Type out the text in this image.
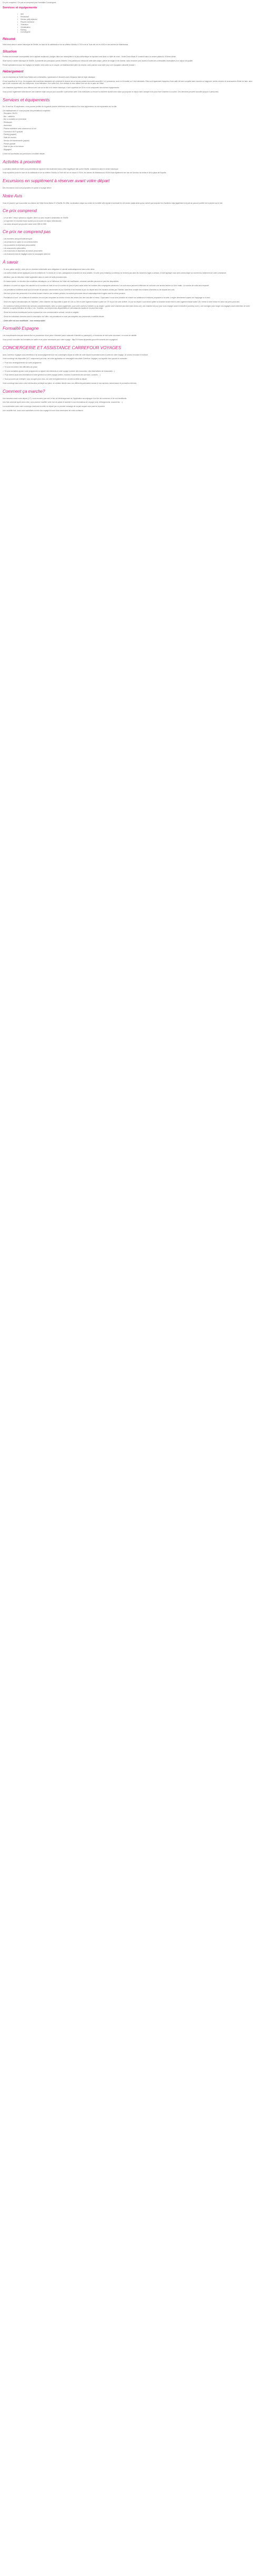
Ce prix comprend / Ce prix ne comprend pas Formalités Conciergerie

Services et équipements
• Wifi
• Restaurant
• Service petit-déjeuner
• Piscine extérieure
• Télévision
• Climatisation
• Parking
• Conciergerie
Résumé

Hôtel situé dans le centre historique de Séville, en face de la cathédrale et de sa célèbre Giralda, à 700 m de la Torre del oro et à 900 m des arènes de Maestranza.

Situation

Profitez de la beauté incomparable de la capitale andalouse, plongez dans son atmosphère à la plus authentique et reposez-vous dans un hôtel de choix : l'hôtel Dona Maria 4* construit dans un ancien palais du XIVème siècle.

Situé dans le centre historique de Séville, à proximité des principaux points d'intérêt, il est parfait pour découvrir cette ville unique, pleine de magie et de charme, sans renoncer pour autant à toutes les commodités nécessaires à un séjour de qualité.

Pensé spécialement pour les voyages en famille, entre amis ou en couple, cet établissement plein de charme, avec piscine vous invite pour une escapade culturelle réussie !

Hébergement

Les 64 chambres de l'hôtel Dona Maria sont confortables, spacieuses et décorées avec élégance dans le style classique

D'une superficie de 24 m², les espaces des chambres standards ont conservé le charme de cet ancien palais et peuvent accueillir 1 à 2 personnes, avec un lit double ou 2 lits individuels. Elles sont également équipées d'une salle de bain complète avec douche ou baignoire, sèche-cheveux et accessoires d'hôtel de bain, ainsi que d'une connexion wifi, d'un téléphone, d'une télévision, d'un coffre-fort, d'un minibar et vous offrent une vue sur le patio de l'hôtel.

Les chambres supérieures vous offriront une vue sur la ville et le centre historique, d'une superficie de 30 m² et se composent des mêmes équipements.

Vous pouvez également sélectionner une chambre triple conçue pour accueillir 3 personnes avec 3 lits individuels ou encore la chambre double avec salon qui propose un séjour avec canapé lit en plus d'une chambre à coucher. Ces dernières peuvent accueillir jusqu'à 4 personnes.

Services et équipements

Du 15 avril au 30 septembre, vous pourrez profiter de la grande piscine extérieure avec solarium d'où vous apprécierez la vue imprenable sur la ville.

Cet établissement 4* vous propose des prestations complètes :

- Réception 24h/24
- Bar - cafétéria
- Bar à cocktails sur la terrasse
- Restaurant
- Ascenseur
- Piscine extérieure avec solarium sur le toit
- Connexion Wi-Fi gratuite
- Parking (payant)
- Salle de réunion
- Service de blanchisserie (payant)
- Presse gratuite
- Salle de jeux et de lecture
- Bagagerie

L'hôtel est accessible aux personnes à mobilité réduite.

Activités à proximité

La situation idéale de l'hôtel vous permettra de rayonner très facilement dans cette magnifique ville qu'est Séville, notamment dans le centre historique.

Vous rejoindrez juste en face de la cathédrale et de sa célèbre Giralda, la Torre del oro se trouve à 700m, les arènes de Maestranza à 900m mais également non loin de l'Archivo de Indias et de la plaza de España.

Excursions en supplément à réserver avant votre départ

Des excursions vous sont proposées en option à la page devis !

Notre Avis

Vous ne pourrez que succomber au charme de l'hôtel Dona Maria 4* à Séville. En effet, sa situation unique au centre de la vieille ville rajoute à la beauté de cet ancien palais ainsi qu'au confort que propose les chambres mais également à la joie de pouvoir profiter de la piscine sur le toit.

Ce prix comprend
- Le vol aller / retour spécial ou régulier, direct ou avec escale à destination de Séville.
- Le logement en chambre base double pour la durée de séjour sélectionnée
- Les taxes aéroport qui peuvent varier entre 30€ et 200€
Ce prix ne comprend pas
- Les transferts aéroport/hôtel/aéroport
- Les pensions en option si non sélectionnées
- Les pourboires et dépenses personnelles
- Les assurances optionnelles
- Les excursions et dépenses de nature personnelle
- Les éventuels frais de bagages selon la compagnie aérienne
À savoir

- Si vous partez seul(e), votre prix en chambre individuelle sera obligatoire et calculé automatiquement dans votre devis.

- Les tarifs enfants seront appliqués pour les enfants de 2 à moins de 12 ans, partageant la chambre de deux adultes. Si votre (vos) enfant(s) ou bébé(s) ne rentrent pas dans les tranches d'âges ci-dessus, le tarif appliqué vous sera communiqué au moment du traitement de votre commande.

- Attention, pas de réduction enfant applicable dans le cadre de tarifs promotionnels.

- En basse saison, en fonction des conditions climatiques, ou si l'affluence de l'hôtel est insuffisante, certaines activités peuvent ne pas être disponibles.

- Attention, la durée du séjour est calculée sur le nombre de nuits et non le nombre de jours et peut varier selon les horaires des compagnies aériennes. Les vols retour peuvent s'effectuer de nuit avec une arrivée tardive ou tôt le matin. Le nombre de nuits sera respecté.

- Les prestations hôtelières ainsi que la formule de pension commencent le jour d'arrivée et se termine le jour du départ selon les horaires choisis par l'hôtelier, sans tenir compte des horaires d'arrivées ou de départs des vols.

- Dès lors qu'une des personnes d'un même dossier réserve une certaine pension, les autres personnes seront automatiquement logées sous la même pension.

- Prestations à bord : les collations et boissons ne sont pas comprises au service à bord des avions lors des vols aller et retour. Cependant il vous sera possible de choisir vos collations et boissons proposées à la carte, à régler directement auprès de l'équipage ou à bord.

- Selon les règles internationales de l'hôtellerie, votre chambre est disponible à partir de 14h ou 15h et votre logement laissé à partir de 17h le jour de votre arrivée. Le jour du départ, vous devez quitter la chambre avant midi et votre logement laissé avant 10h, même si votre retour en avion est prévu plus tard.

- En nombreux hôtels prévoient des services complémentaires, avec ou sans supplément, pour votre confort à l'arrivée ou au départ : garder votre chambre plus tard (late check-out), une chambre de jour pour vous changer avant le transfert (courtesy room ), une consigne pour ranger vos bagages avant obtention de votre chambre ou après libération de celle-ci, etc. Toutefois, ceci dépend des disponibilités et circonstances locales et ne peut être exigé.

- Seuls les services touristiques fournis reposant sur une communication verbale, seront en anglais

- Seuls les indications données dans la description de l'offre, nos prestations ne sont pas adaptées aux personnes à mobilité réduite.

- Cette offre est non modifiable – non remboursable

Formalité Espagne

Les ressortissants français doivent être en possession d'une pièce d'identité (carte nationale d'identité ou passeport), à l'exclusion de tout autre document, en cours de validité.

Vous pouvez consulter les formalités de santé et de police nécessaire pour votre voyage : http//XXXwww.diplomatie.gouv.fr/fr/conseils-aux-voyageurs/

CONCIERGERIE ET ASSISTANCE CARREFOUR VOYAGES

Avec Carrefour Voyages vous bénéficiez d'un accompagnement de nos conciergers depuis la veille de votre départ et pendant toute la durée de votre voyage, un service innovant et exclusif.

Votre concierge est disponible 24/7, uniquement par chat, via notre application de messagerie sécurisée Carrefour Voyages, sur laquelle vous pouvez le contacter :

✓ Pour tous renseignements sur votre programme

✓ Si vous rencontrez des difficultés sur place

✓ Si vous souhaitez ajouter votre programme ou ajouter des éléments à votre voyage (comme des excursions, des réservations de restaurants...)

✓ Pour obtenir aussi des informations d'ordre général sur votre voyage (météo, horaires d'ouvertures des services, conseils, ...)

✓ Nous pouvons par exemple, nous occuper pour vous, de votre enregistrement en vol dès la veille du départ

Votre concierge sera alors votre interlocuteur privilégié sur place, en relation directe avec nos différents partenaires locaux et nos services commerciaux et production internes.

Comment ça marche?

Une semaine avant votre départ (J-7), vous recevrez par mail, le lien de téléchargement de l'application accompagné d'un lien de connexion et de vos identifiants.

Une fois connecté après deux clics, vous pourrez modifier votre mot de passe et accéder à vos informations de voyage (vols, hébergements, documents, ...).

La conversation avec votre concierge s'actionne la veille du départ par un premier message de sa part auquel vous pourrez répondre.

Une nouvelle fois, nous vous souhaitons un très bon voyage et nous vous remercions de votre confiance.
